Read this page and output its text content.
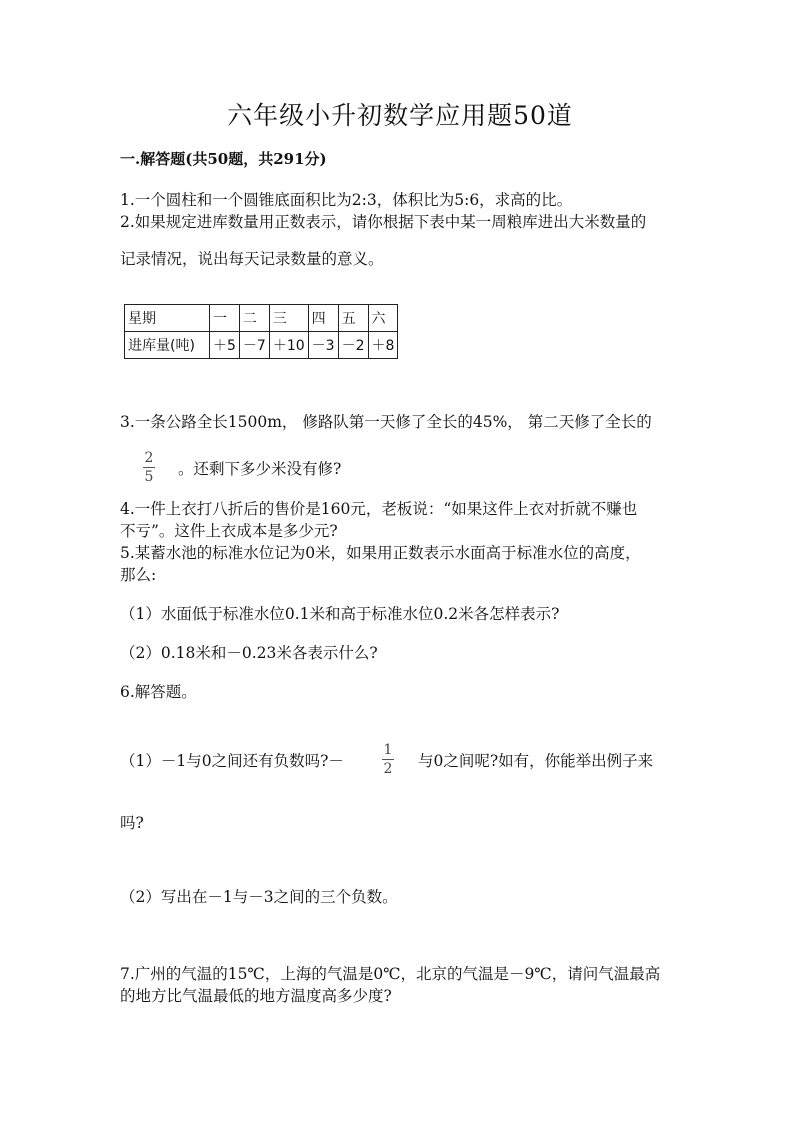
六年级小升初数学应用题50道
一.解答题(共50题，共291分)
1.一个圆柱和一个圆锥底面积比为2:3，体积比为5:6，求高的比。
2.如果规定进库数量用正数表示，请你根据下表中某一周粮库进出大米数量的
记录情况，说出每天记录数量的意义。
星期	一	二	三	四	五	六
进库量(吨)	＋5	－7	＋10	－3	－2	＋8
3.一条公路全长1500m， 修路队第一天修了全长的45%， 第二天修了全长的
2
5 。还剩下多少米没有修?
4.一件上衣打八折后的售价是160元，老板说：“如果这件上衣对折就不赚也
不亏”。这件上衣成本是多少元?
5.某蓄水池的标准水位记为0米，如果用正数表示水面高于标准水位的高度，
那么:
（1）水面低于标准水位0.1米和高于标准水位0.2米各怎样表示?
（2）0.18米和－0.23米各表示什么?
6.解答题。
（1）－1与0之间还有负数吗?－
1
2 与0之间呢?如有，你能举出例子来
吗?
（2）写出在－1与－3之间的三个负数。
7.广州的气温的15℃，上海的气温是0℃，北京的气温是－9℃，请问气温最高
的地方比气温最低的地方温度高多少度?
